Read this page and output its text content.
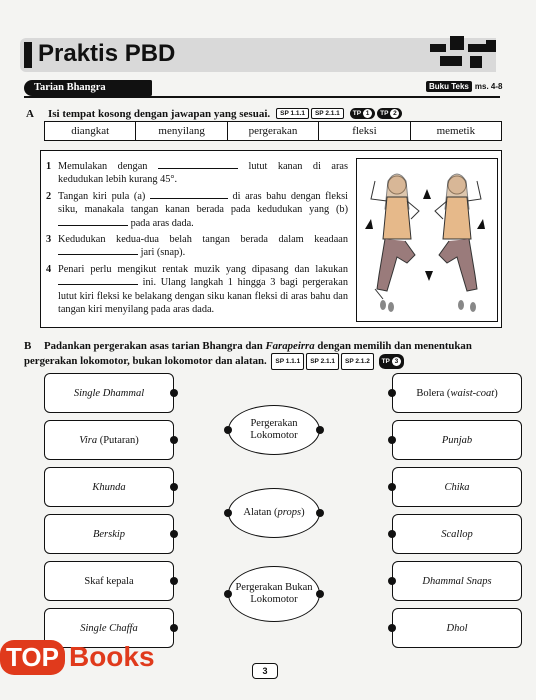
Praktis PBD
Tarian Bhangra	Buku Teks ms. 4-8
A Isi tempat kosong dengan jawapan yang sesuai. SP 1.1.1 SP 2.1.1 TP 1 TP 2
diangkat	menyilang	pergerakan	fleksi	memetik
1 Memulakan dengan	lutut kanan di aras kedudukan lebih kurang 45°.
2 Tangan kiri pula (a)	di aras bahu dengan fleksi siku, manakala tangan kanan berada pada kedudukan yang (b)  pada aras dada.
3 Kedudukan kedua-dua belah tangan berada dalam keadaan  jari (snap).
4 Penari perlu mengikut rentak muzik yang dipasang dan lakukan  ini. Ulang langkah 1 hingga 3 bagi pergerakan lutut kiri fleksi ke belakang dengan siku kanan fleksi di aras bahu dan tangan kiri menyilang pada aras dada.
B Padankan pergerakan asas tarian Bhangra dan Farapeirra dengan memilih dan menentukan pergerakan lokomotor, bukan lokomotor dan alatan. SP 1.1.1 SP 2.1.1 SP 2.1.2 TP 3
Single Dhammal
Vira (Putaran)
Khunda
Ber skip
Skaf kepala
Single Chaffa
Pergerakan Lokomotor
Alatan ( props )
Pergerakan Bukan Lokomotor
Bolera ( waist-coat )
Punjab
Chika
Scallop
Dhammal Snaps
Dhol
3
TOP Books
